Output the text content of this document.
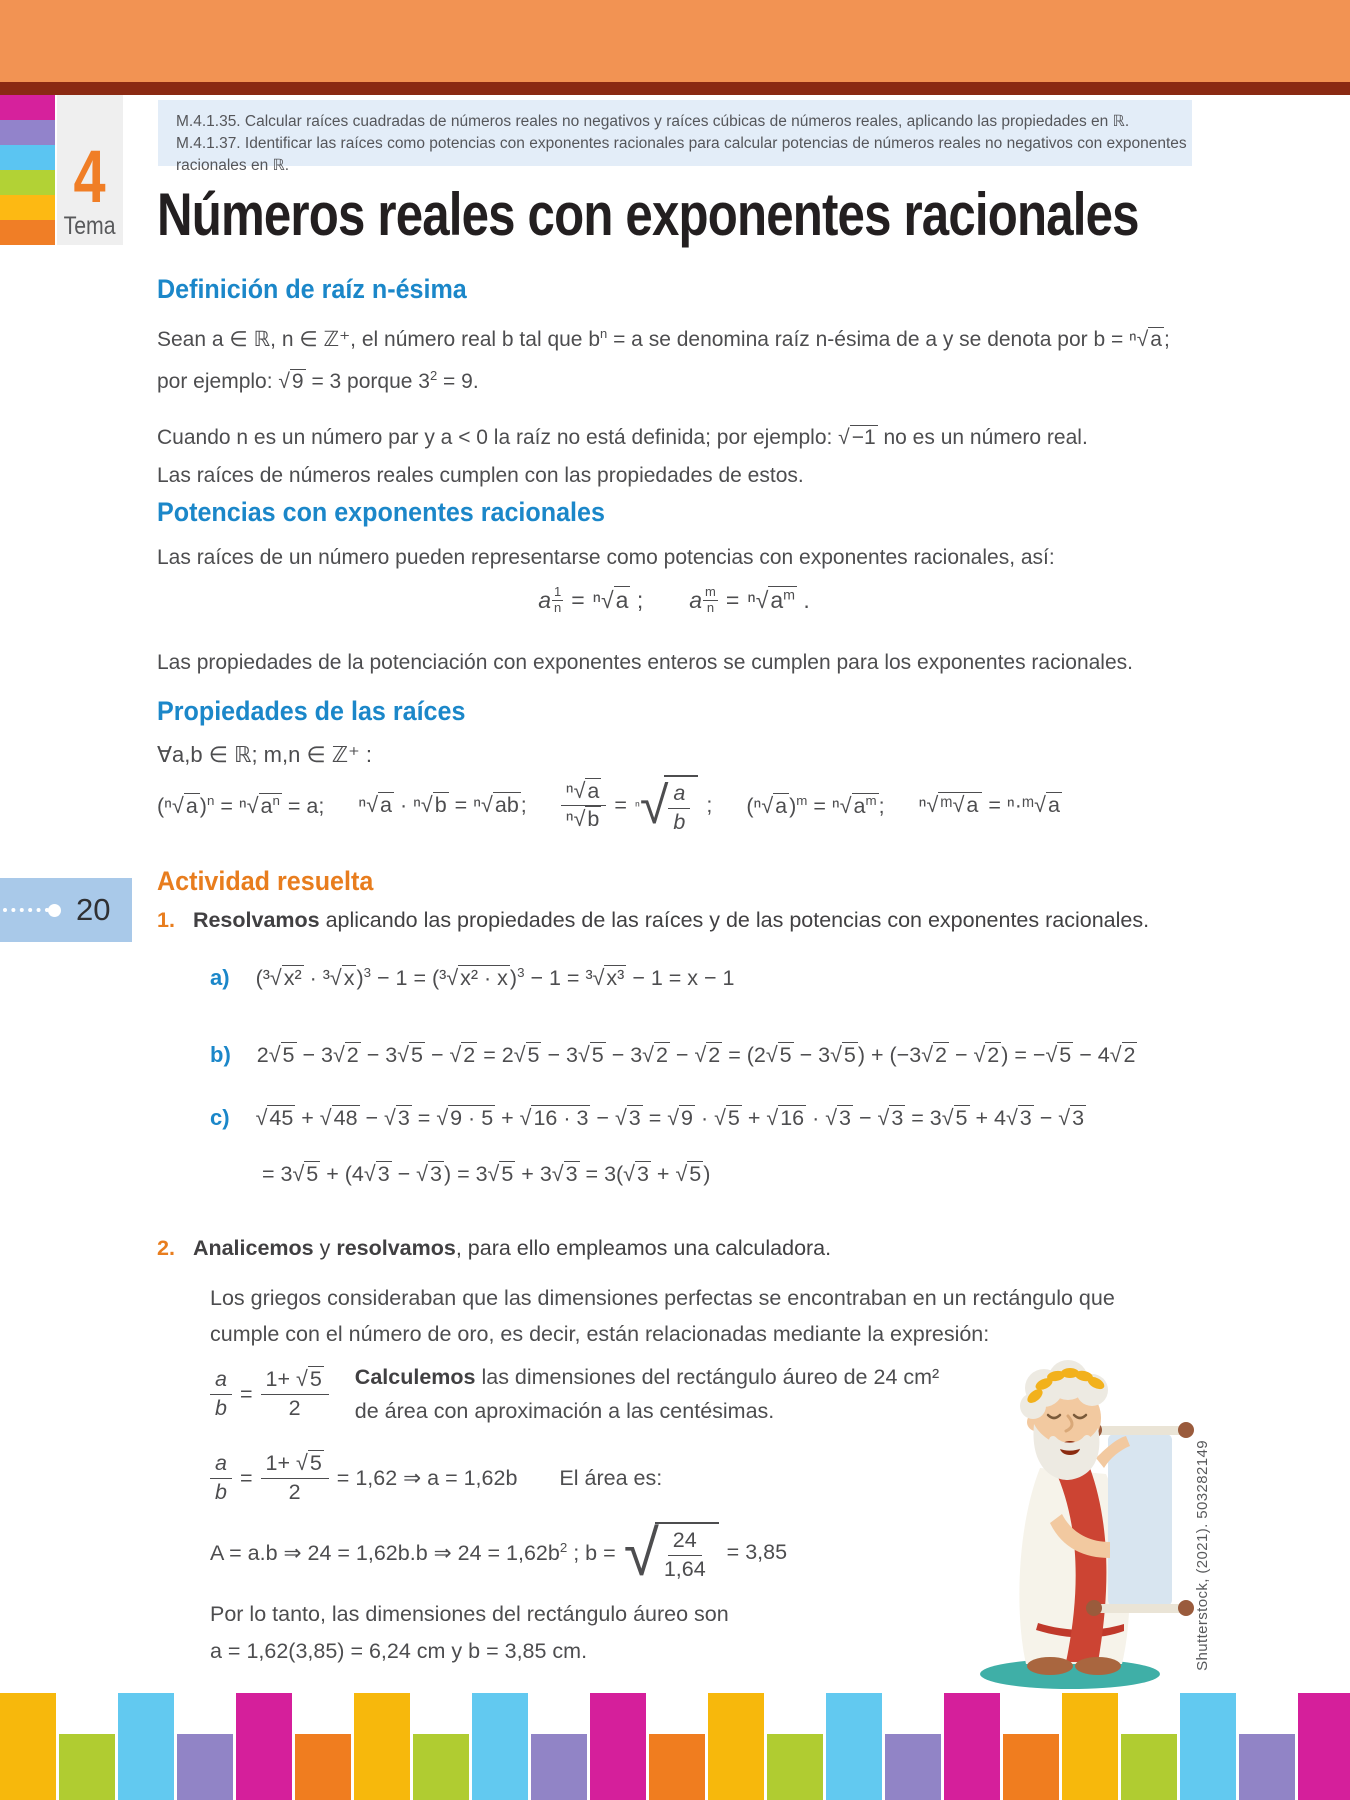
4
Tema
M.4.1.35. Calcular raíces cuadradas de números reales no negativos y raíces cúbicas de números reales, aplicando las propiedades en ℝ.
M.4.1.37. Identificar las raíces como potencias con exponentes racionales para calcular potencias de números reales no negativos con exponentes racionales en ℝ.
Números reales con exponentes racionales
Definición de raíz n-ésima
Sean a ∈ ℝ, n ∈ ℤ⁺, el número real b tal que $b^n = a$ se denomina raíz n-ésima de a y se denota por b = ⁿ√a; por ejemplo: √9 = 3 porque $3^2 = 9$.
Cuando n es un número par y a < 0 la raíz no está definida; por ejemplo: √−1 no es un número real.
Las raíces de números reales cumplen con las propiedades de estos.
Potencias con exponentes racionales
Las raíces de un número pueden representarse como potencias con exponentes racionales, así:
a $\frac{1}{n} = ^n√a$ ; a $\frac{m}{n} = ^n√a^m$ .
Las propiedades de la potenciación con exponentes enteros se cumplen para los exponentes racionales.
Propiedades de las raíces
∀a,b ∈ ℝ; m,n ∈ ℤ⁺ :
$(^n√a)^n = ^n√a^n = a$; ⁿ√a · ⁿ√b = ⁿ√ab; $\frac{\text{ⁿ√a}}{\text{ⁿ√b}} = ^n$ √ $\frac{a}{b}$ ; $(^n√a)^m = ^n√a^m$; ⁿ√ᵐ√a = ⁿ·ᵐ√a
20
Actividad resuelta
1. Resolvamos aplicando las propiedades de las raíces y de las potencias con exponentes racionales.
a) $(^3√x^2 \cdot ^3√x)^3 - 1 = (^3√x^2 \cdot x)^3 - 1 = ^3√x^3 - 1 = x - 1$
b) 2√5 − 3√2 − 3√5 − √2 = 2√5 − 3√5 − 3√2 − √2 = (2√5 − 3√5) + (−3√2 − √2) = −√5 − 4√2
c) √45 + √48 − √3 = √9 · 5 + √16 · 3 − √3 = √9 · √5 + √16 · √3 − √3 = 3√5 + 4√3 − √3
= 3√5 + (4√3 − √3) = 3√5 + 3√3 = 3(√3 + √5)
2. Analicemos y resolvamos, para ello empleamos una calculadora.
Los griegos consideraban que las dimensiones perfectas se encontraban en un rectángulo que cumple con el número de oro, es decir, están relacionadas mediante la expresión:
$\frac{a}{b} = \frac{1+ √5}{2}$ Calculemos las dimensiones del rectángulo áureo de 24 cm² de área con aproximación a las centésimas.
$\frac{a}{b} = \frac{1+ √5}{2} = 1,62$ ⇒ a = 1,62b El área es:
A = a.b ⇒ 24 = 1,62b.b ⇒ $24 = 1,62b^2$ ; b = √ $\frac{24}{1,64} = 3,85$
Por lo tanto, las dimensiones del rectángulo áureo son
a = 1,62(3,85) = 6,24 cm y b = 3,85 cm.	Shutterstock, (2021). 503282149
